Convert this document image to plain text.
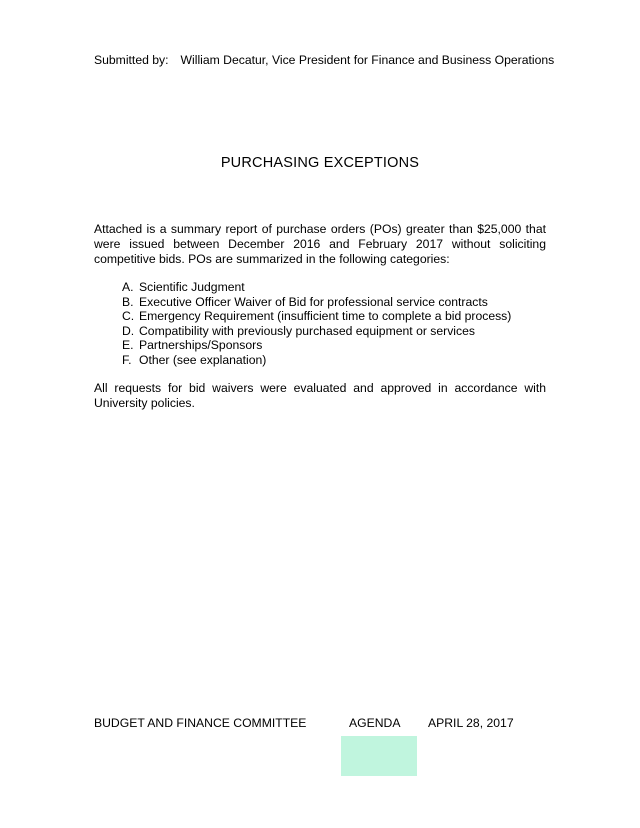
Submitted by: William Decatur, Vice President for Finance and Business Operations
PURCHASING EXCEPTIONS

Attached is a summary report of purchase orders (POs) greater than $25,000 that were issued between December 2016 and February 2017 without soliciting competitive bids. POs are summarized in the following categories:

A. Scientific Judgment
B. Executive Officer Waiver of Bid for professional service contracts
C. Emergency Requirement (insufficient time to complete a bid process)
D. Compatibility with previously purchased equipment or services
E. Partnerships/Sponsors
F. Other (see explanation)

All requests for bid waivers were evaluated and approved in accordance with University policies.

BUDGET AND FINANCE COMMITTEE	AGENDA APRIL 28, 2017
